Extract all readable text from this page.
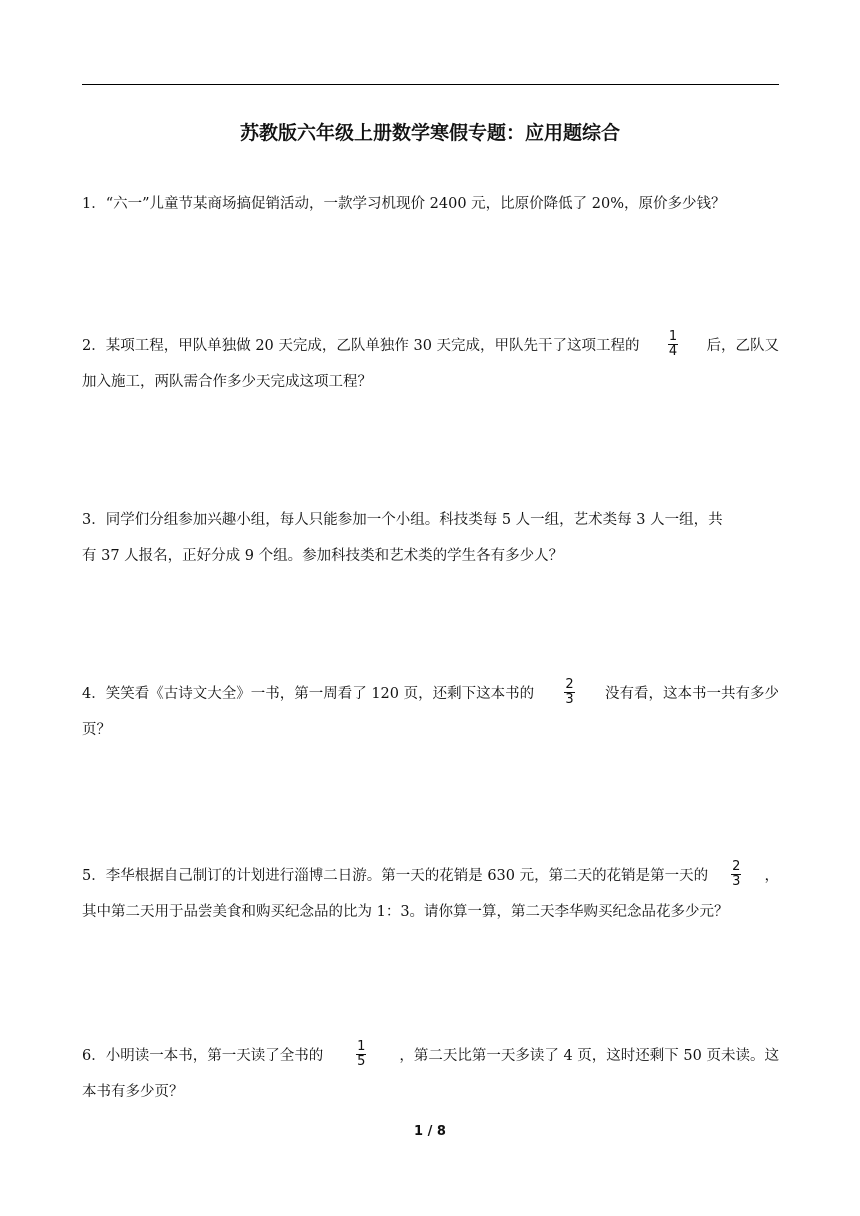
苏教版六年级上册数学寒假专题：应用题综合
1．“六一”儿童节某商场搞促销活动，一款学习机现价 2400 元，比原价降低了 20%，原价多少钱？
2．某项工程，甲队单独做 20 天完成，乙队单独作 30 天完成，甲队先干了这项工程的 $\frac{1}{4}$ 后，乙队又
加入施工，两队需合作多少天完成这项工程？
3．同学们分组参加兴趣小组，每人只能参加一个小组。科技类每 5 人一组，艺术类每 3 人一组，共
有 37 人报名，正好分成 9 个组。参加科技类和艺术类的学生各有多少人？
4．笑笑看《古诗文大全》一书，第一周看了 120 页，还剩下这本书的 $\frac{2}{3}$ 没有看，这本书一共有多少
页？
5．李华根据自己制订的计划进行淄博二日游。第一天的花销是 630 元，第二天的花销是第一天的 $\frac{2}{3}$ ，
其中第二天用于品尝美食和购买纪念品的比为 1：3。请你算一算，第二天李华购买纪念品花多少元？
6．小明读一本书，第一天读了全书的	$\frac{1}{5}$ ，第二天比第一天多读了 4 页，这时还剩下 50 页未读。这
本书有多少页？
1 / 8
